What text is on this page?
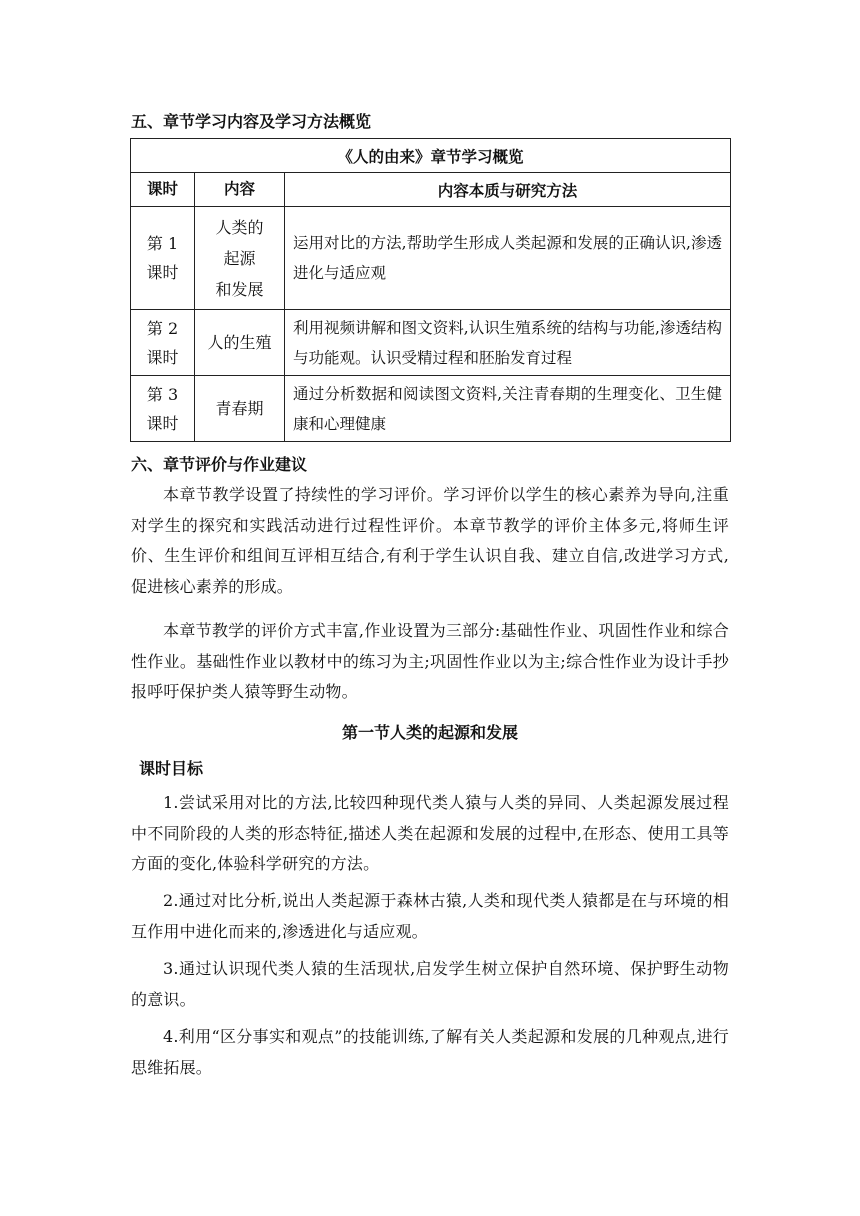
五、章节学习内容及学习方法概览
《人的由来》章节学习概览		
课时	内容	内容本质与研究方法

第 1
课时	人类的
起源
和发展	运用对比的方法,帮助学生形成人类起源和发展的正确认识,渗透进化与适应观

第 2
课时	人的生殖	利用视频讲解和图文资料,认识生殖系统的结构与功能,渗透结构与功能观。认识受精过程和胚胎发育过程

第 3
课时	青春期	通过分析数据和阅读图文资料,关注青春期的生理变化、卫生健康和心理健康
六、章节评价与作业建议

本章节教学设置了持续性的学习评价。学习评价以学生的核心素养为导向,注重对学生的探究和实践活动进行过程性评价。本章节教学的评价主体多元,将师生评价、生生评价和组间互评相互结合,有利于学生认识自我、建立自信,改进学习方式,促进核心素养的形成。

本章节教学的评价方式丰富,作业设置为三部分:基础性作业、巩固性作业和综合性作业。基础性作业以教材中的练习为主;巩固性作业以为主;综合性作业为设计手抄报呼吁保护类人猿等野生动物。

第一节人类的起源和发展
课时目标

1.尝试采用对比的方法,比较四种现代类人猿与人类的异同、人类起源发展过程中不同阶段的人类的形态特征,描述人类在起源和发展的过程中,在形态、使用工具等方面的变化,体验科学研究的方法。

2.通过对比分析,说出人类起源于森林古猿,人类和现代类人猿都是在与环境的相互作用中进化而来的,渗透进化与适应观。

3.通过认识现代类人猿的生活现状,启发学生树立保护自然环境、保护野生动物的意识。

4.利用“区分事实和观点”的技能训练,了解有关人类起源和发展的几种观点,进行思维拓展。
